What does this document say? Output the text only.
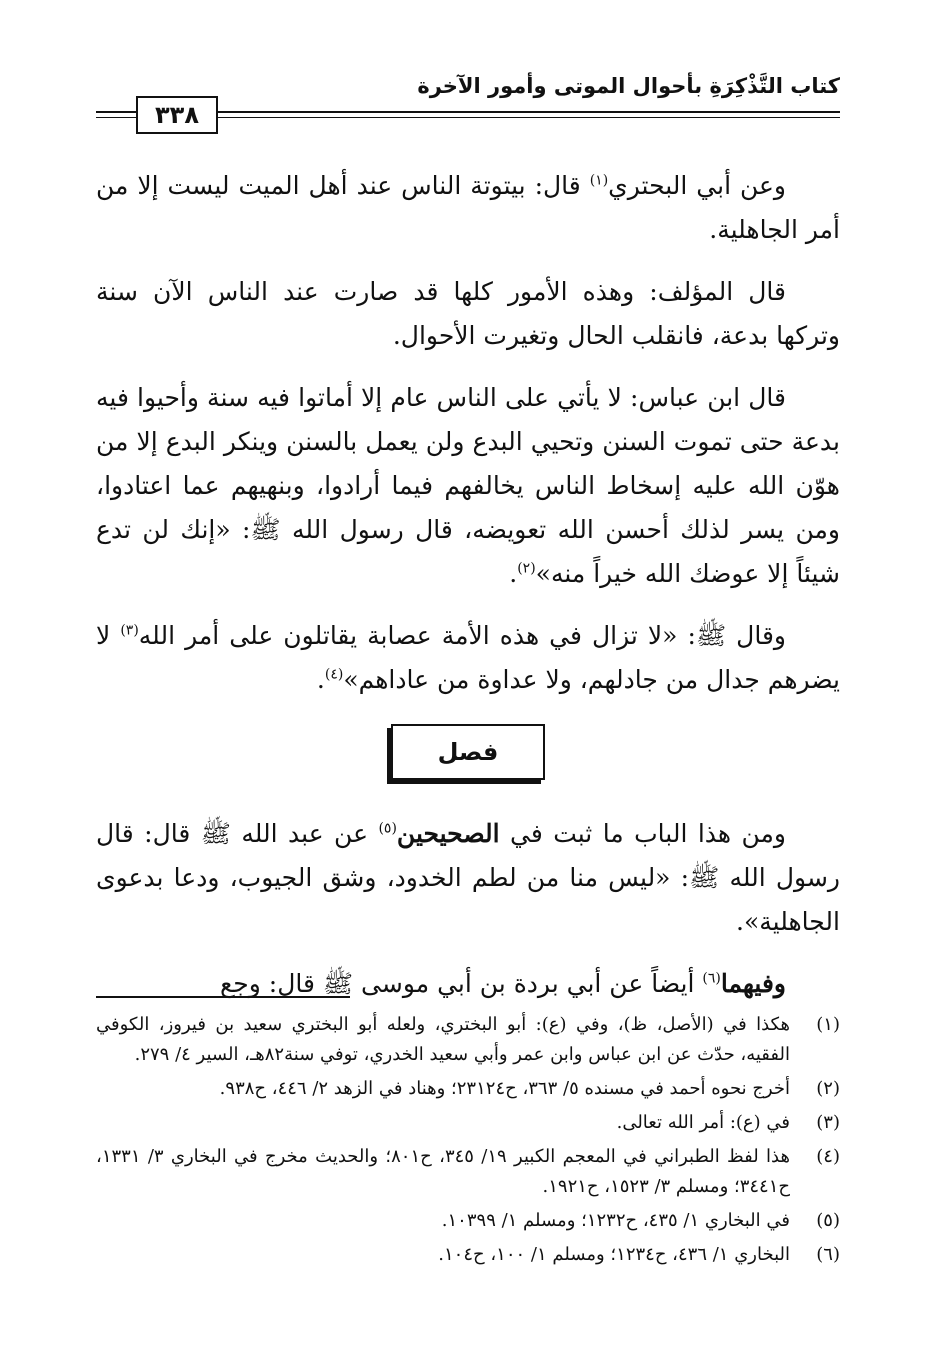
كتاب التَّذْكِرَةِ بأحوال الموتى وأمور الآخرة
٣٣٨

وعن أبي البحتري$^{(١)}$ قال: بيتوتة الناس عند أهل الميت ليست إلا من أمر الجاهلية.

قال المؤلف: وهذه الأمور كلها قد صارت عند الناس الآن سنة وتركها بدعة، فانقلب الحال وتغيرت الأحوال.

قال ابن عباس: لا يأتي على الناس عام إلا أماتوا فيه سنة وأحيوا فيه بدعة حتى تموت السنن وتحيي البدع ولن يعمل بالسنن وينكر البدع إلا من هوّن الله عليه إسخاط الناس يخالفهم فيما أرادوا، وبنهيهم عما اعتادوا، ومن يسر لذلك أحسن الله تعويضه، قال رسول الله ﷺ: «إنك لن تدع شيئاً إلا عوضك الله خيراً منه»$^{(٢)}$.

وقال ﷺ: «لا تزال في هذه الأمة عصابة يقاتلون على أمر الله$^{(٣)}$ لا يضرهم جدال من جادلهم، ولا عداوة من عاداهم»$^{(٤)}$.

فصل

ومن هذا الباب ما ثبت في الصحيحين$^{(٥)}$ عن عبد الله ﷺ قال: قال رسول الله ﷺ: «ليس منا من لطم الخدود، وشق الجيوب، ودعا بدعوى الجاهلية».

وفيهما$^{(٦)}$ أيضاً عن أبي بردة بن أبي موسى ﷺ قال: وجع

(١)
هكذا في (الأصل، ظ)، وفي (ع): أبو البختري، ولعله أبو البختري سعيد بن فيروز، الكوفي الفقيه، حدّث عن ابن عباس وابن عمر وأبي سعيد الخدري، توفي سنة٨٢هـ، السير ٤/ ٢٧٩.
(٢)
أخرج نحوه أحمد في مسنده ٥/ ٣٦٣، ح٢٣١٢٤؛ وهناد في الزهد ٢/ ٤٤٦، ح٩٣٨.
(٣)
في (ع): أمر الله تعالى.
(٤)
هذا لفظ الطبراني في المعجم الكبير ١٩/ ٣٤٥، ح٨٠١؛ والحديث مخرج في البخاري ٣/ ١٣٣١، ح٣٤٤١؛ ومسلم ٣/ ١٥٢٣، ح١٩٢١.
(٥)
في البخاري ١/ ٤٣٥، ح١٢٣٢؛ ومسلم ١/ ١٠٣٩٩.
(٦)
البخاري ١/ ٤٣٦، ح١٢٣٤؛ ومسلم ١/ ١٠٠، ح١٠٤.
